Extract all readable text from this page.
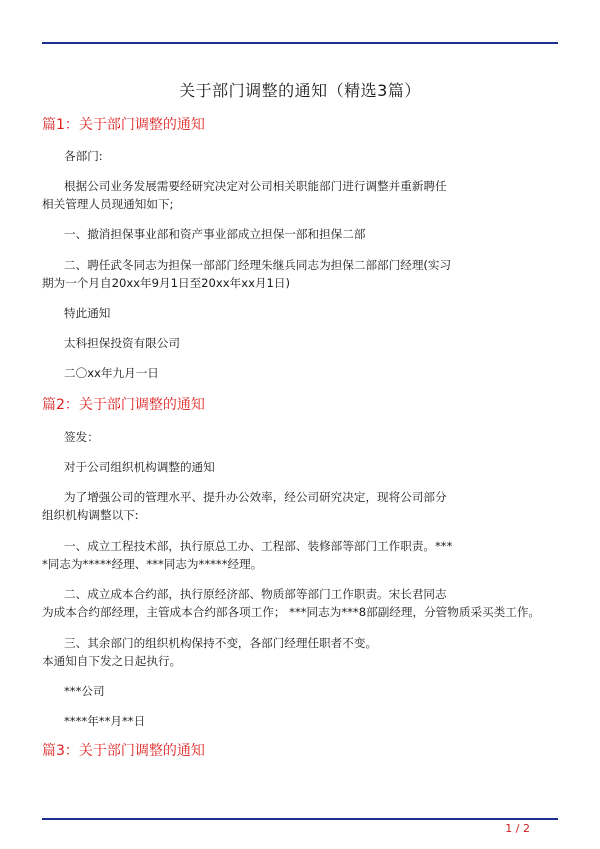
关于部门调整的通知（精选3篇）
篇1：关于部门调整的通知
各部门:
根据公司业务发展需要经研究决定对公司相关职能部门进行调整并重新聘任
相关管理人员现通知如下;
一、撤消担保事业部和资产事业部成立担保一部和担保二部
二、聘任武冬同志为担保一部部门经理朱继兵同志为担保二部部门经理(实习
期为一个月自20xx年9月1日至20xx年xx月1日)
特此通知
太科担保投资有限公司
二〇xx年九月一日
篇2：关于部门调整的通知
签发：
对于公司组织机构调整的通知
为了增强公司的管理水平、提升办公效率，经公司研究决定，现将公司部分
组织机构调整以下:
一、成立工程技术部，执行原总工办、工程部、装修部等部门工作职责。***
*同志为*****经理、***同志为*****经理。
二、成立成本合约部，执行原经济部、物质部等部门工作职责。宋长君同志
为成本合约部经理，主管成本合约部各项工作； ***同志为***8部副经理，分管物质采买类工作。
三、其余部门的组织机构保持不变，各部门经理任职者不变。
本通知自下发之日起执行。
***公司
****年**月**日
篇3：关于部门调整的通知
1 / 2
